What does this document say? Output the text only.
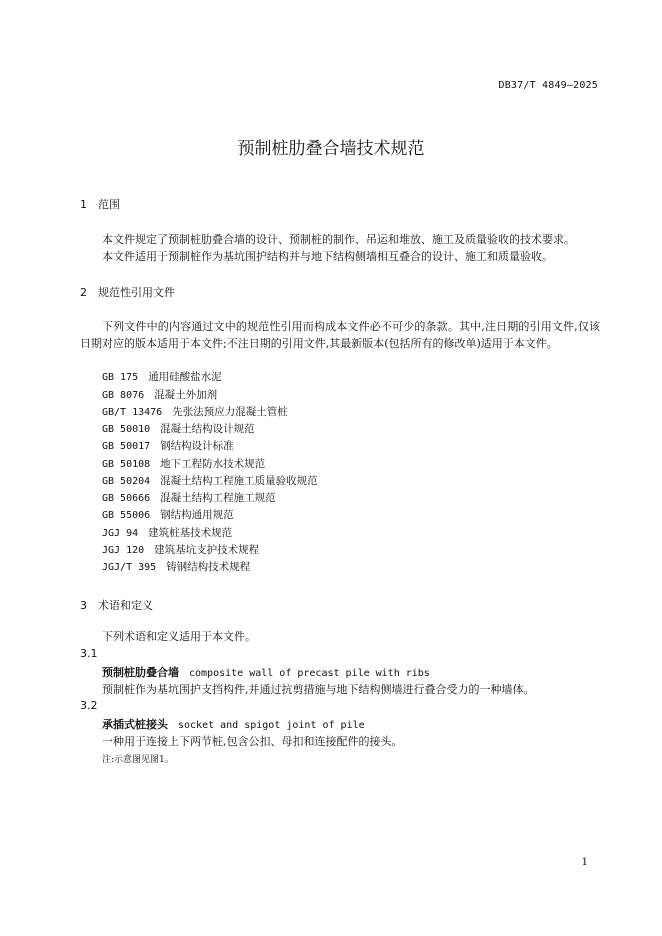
DB37/T 4849—2025
预制桩肋叠合墙技术规范
1 范围
本文件规定了预制桩肋叠合墙的设计、预制桩的制作、吊运和堆放、施工及质量验收的技术要求。
本文件适用于预制桩作为基坑围护结构并与地下结构侧墙相互叠合的设计、施工和质量验收。
2 规范性引用文件
下列文件中的内容通过文中的规范性引用而构成本文件必不可少的条款。其中,注日期的引用文件,仅该日期对应的版本适用于本文件;不注日期的引用文件,其最新版本(包括所有的修改单)适用于本文件。
GB 175 通用硅酸盐水泥
GB 8076 混凝土外加剂
GB/T 13476 先张法预应力混凝土管桩
GB 50010 混凝土结构设计规范
GB 50017 钢结构设计标准
GB 50108 地下工程防水技术规范
GB 50204 混凝土结构工程施工质量验收规范
GB 50666 混凝土结构工程施工规范
GB 55006 钢结构通用规范
JGJ 94 建筑桩基技术规范
JGJ 120 建筑基坑支护技术规程
JGJ/T 395 铸钢结构技术规程
3 术语和定义
下列术语和定义适用于本文件。
3.1
预制桩肋叠合墙 composite wall of precast pile with ribs
预制桩作为基坑围护支挡构件,并通过抗剪措施与地下结构侧墙进行叠合受力的一种墙体。
3.2
承插式桩接头 socket and spigot joint of pile
一种用于连接上下两节桩,包含公扣、母扣和连接配件的接头。
注:示意图见图1。
1
